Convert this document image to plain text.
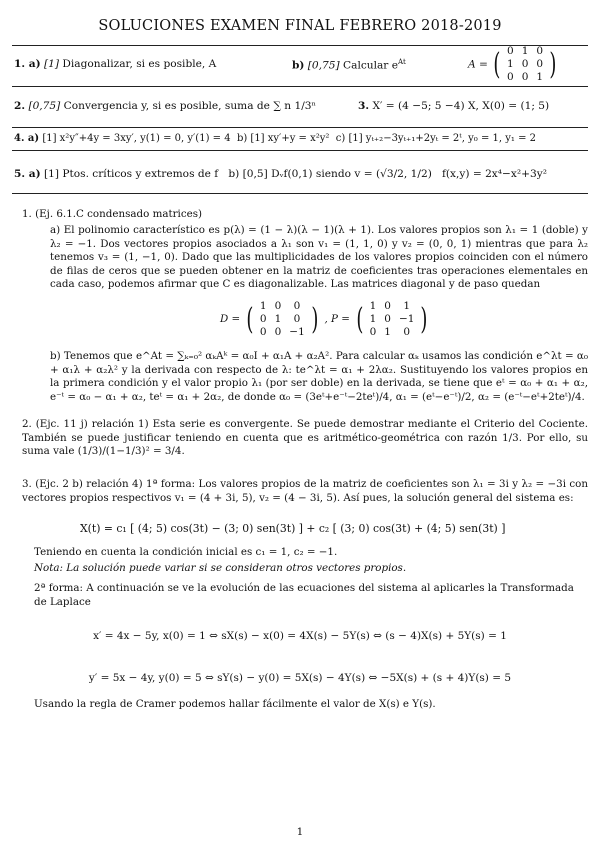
SOLUCIONES EXAMEN FINAL FEBRERO 2018-2019
1. a) [1] Diagonalizar, si es posible, A	b) [0,75] Calcular $e^{At}$	A = ( 0	1	0
1	0	0
0	0	1 )
2. [0,75] Convergencia y, si es posible, suma de ∑ n 1/3ⁿ	3. X′ = (4 −5; 5 −4) X, X(0) = (1; 5)
4. a) [1] x²y″+4y = 3xy′, y(1) = 0, y′(1) = 4 b) [1] xy′+y = x²y² c) [1] yₜ₊₂−3yₜ₊₁+2yₜ = 2ᵗ, y₀ = 1, y₁ = 2
5. a) [1] Ptos. críticos y extremos de f b) [0,5] Dᵥf(0,1) siendo v = (√3/2, 1/2) f(x,y) = 2x⁴−x²+3y²
1. (Ej. 6.1.C condensado matrices)
a) El polinomio característico es p(λ) = (1 − λ)(λ − 1)(λ + 1). Los valores propios son λ₁ = 1 (doble) y λ₂ = −1. Dos vectores propios asociados a λ₁ son v₁ = (1, 1, 0) y v₂ = (0, 0, 1) mientras que para λ₂ tenemos v₃ = (1, −1, 0). Dado que las multiplicidades de los valores propios coinciden con el número de filas de ceros que se pueden obtener en la matriz de coeficientes tras operaciones elementales en cada caso, podemos afirmar que C es diagonalizable. Las matrices diagonal y de paso quedan
D = ( 1	0	0
0	1	0
0	0	−1 ) , P = ( 1	0	1
1	0	−1
0	1	0 )
b) Tenemos que e^At = ∑ₖ₌₀² αₖAᵏ = α₀I + α₁A + α₂A². Para calcular αₖ usamos las condición e^λt = α₀ + α₁λ + α₂λ² y la derivada con respecto de λ: te^λt = α₁ + 2λα₂. Sustituyendo los valores propios en la primera condición y el valor propio λ₁ (por ser doble) en la derivada, se tiene que eᵗ = α₀ + α₁ + α₂, e⁻ᵗ = α₀ − α₁ + α₂, teᵗ = α₁ + 2α₂, de donde α₀ = (3eᵗ+e⁻ᵗ−2teᵗ)/4, α₁ = (eᵗ−e⁻ᵗ)/2, α₂ = (e⁻ᵗ−eᵗ+2teᵗ)/4.
2. (Ejc. 11 j) relación 1) Esta serie es convergente. Se puede demostrar mediante el Criterio del Cociente. También se puede justificar teniendo en cuenta que es aritmético-geométrica con razón 1/3. Por ello, su suma vale (1/3)/(1−1/3)² = 3/4.
3. (Ejc. 2 b) relación 4) 1ª forma: Los valores propios de la matriz de coeficientes son λ₁ = 3i y λ₂ = −3i con vectores propios respectivos v₁ = (4 + 3i, 5), v₂ = (4 − 3i, 5). Así pues, la solución general del sistema es:
X(t) = c₁ [ (4; 5) cos(3t) − (3; 0) sen(3t) ] + c₂ [ (3; 0) cos(3t) + (4; 5) sen(3t) ]
Teniendo en cuenta la condición inicial es c₁ = 1, c₂ = −1.
Nota: La solución puede variar si se consideran otros vectores propios.
2ª forma: A continuación se ve la evolución de las ecuaciones del sistema al aplicarles la Transformada de Laplace
x′ = 4x − 5y, x(0) = 1 ⇔ sX(s) − x(0) = 4X(s) − 5Y(s) ⇔ (s − 4)X(s) + 5Y(s) = 1
y′ = 5x − 4y, y(0) = 5 ⇔ sY(s) − y(0) = 5X(s) − 4Y(s) ⇔ −5X(s) + (s + 4)Y(s) = 5
Usando la regla de Cramer podemos hallar fácilmente el valor de X(s) e Y(s).
1
